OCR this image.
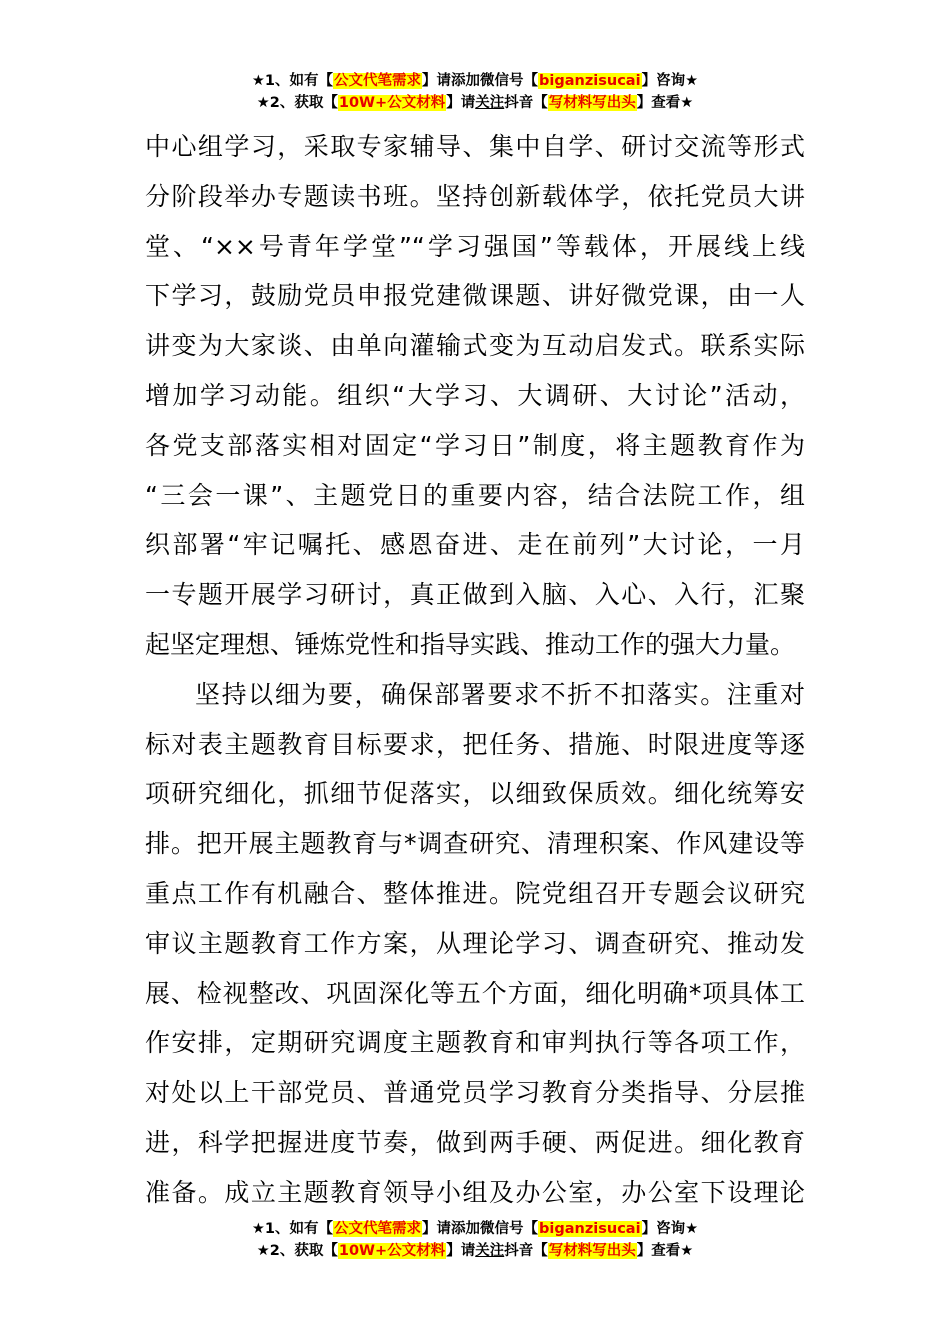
★1、如有【公文代笔需求】请添加微信号【biganzisucai】咨询★
★2、获取【10W+公文材料】请关注抖音【写材料写出头】查看★
中心组学习，采取专家辅导、集中自学、研讨交流等形式
分阶段举办专题读书班。坚持创新载体学，依托党员大讲
堂、“××号青年学堂”“学习强国”等载体，开展线上线
下学习，鼓励党员申报党建微课题、讲好微党课，由一人
讲变为大家谈、由单向灌输式变为互动启发式。联系实际
增加学习动能。组织“大学习、大调研、大讨论”活动，
各党支部落实相对固定“学习日”制度，将主题教育作为
“三会一课”、主题党日的重要内容，结合法院工作，组
织部署“牢记嘱托、感恩奋进、走在前列”大讨论，一月
一专题开展学习研讨，真正做到入脑、入心、入行，汇聚
起坚定理想、锤炼党性和指导实践、推动工作的强大力量。
坚持以细为要，确保部署要求不折不扣落实。注重对
标对表主题教育目标要求，把任务、措施、时限进度等逐
项研究细化，抓细节促落实，以细致保质效。细化统筹安
排。把开展主题教育与*调查研究、清理积案、作风建设等
重点工作有机融合、整体推进。院党组召开专题会议研究
审议主题教育工作方案，从理论学习、调查研究、推动发
展、检视整改、巩固深化等五个方面，细化明确*项具体工
作安排，定期研究调度主题教育和审判执行等各项工作，
对处以上干部党员、普通党员学习教育分类指导、分层推
进，科学把握进度节奏，做到两手硬、两促进。细化教育
准备。成立主题教育领导小组及办公室，办公室下设理论
★1、如有【公文代笔需求】请添加微信号【biganzisucai】咨询★
★2、获取【10W+公文材料】请关注抖音【写材料写出头】查看★
